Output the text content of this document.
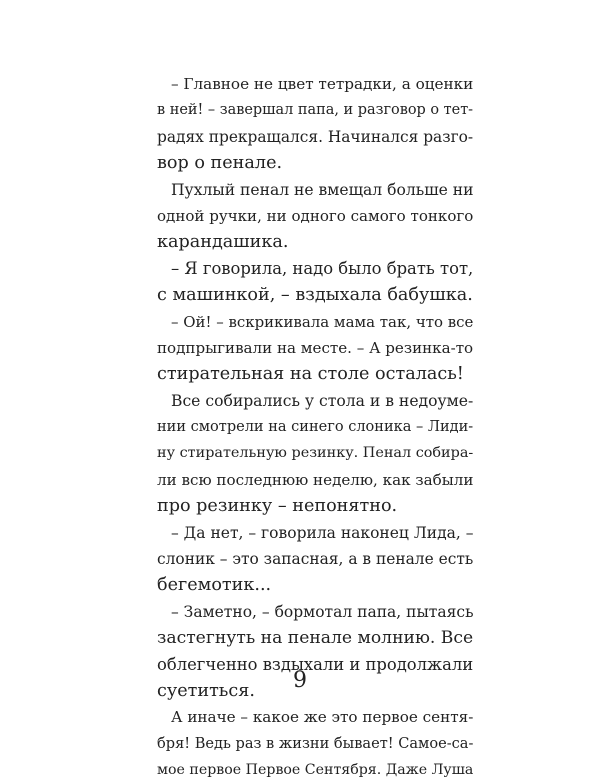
– Главное не цвет тетрадки, а оценки
в ней! – завершал папа, и разговор о тет-
радях прекращался. Начинался разго-
вор о пенале.
Пухлый пенал не вмещал больше ни
одной ручки, ни одного самого тонкого
карандашика.
– Я говорила, надо было брать тот,
с машинкой, – вздыхала бабушка.
– Ой! – вскрикивала мама так, что все
подпрыгивали на месте. – А резинка-то
стирательная на столе осталась!
Все собирались у стола и в недоуме-
нии смотрели на синего слоника – Лиди-
ну стирательную резинку. Пенал собира-
ли всю последнюю неделю, как забыли
про резинку – непонятно.
– Да нет, – говорила наконец Лида, –
слоник – это запасная, а в пенале есть
бегемотик...
– Заметно, – бормотал папа, пытаясь
застегнуть на пенале молнию. Все
облегченно вздыхали и продолжали
суетиться.
А иначе – какое же это первое сентя-
бря! Ведь раз в жизни бывает! Самое-са-
мое первое Первое Сентября. Даже Луша
9
